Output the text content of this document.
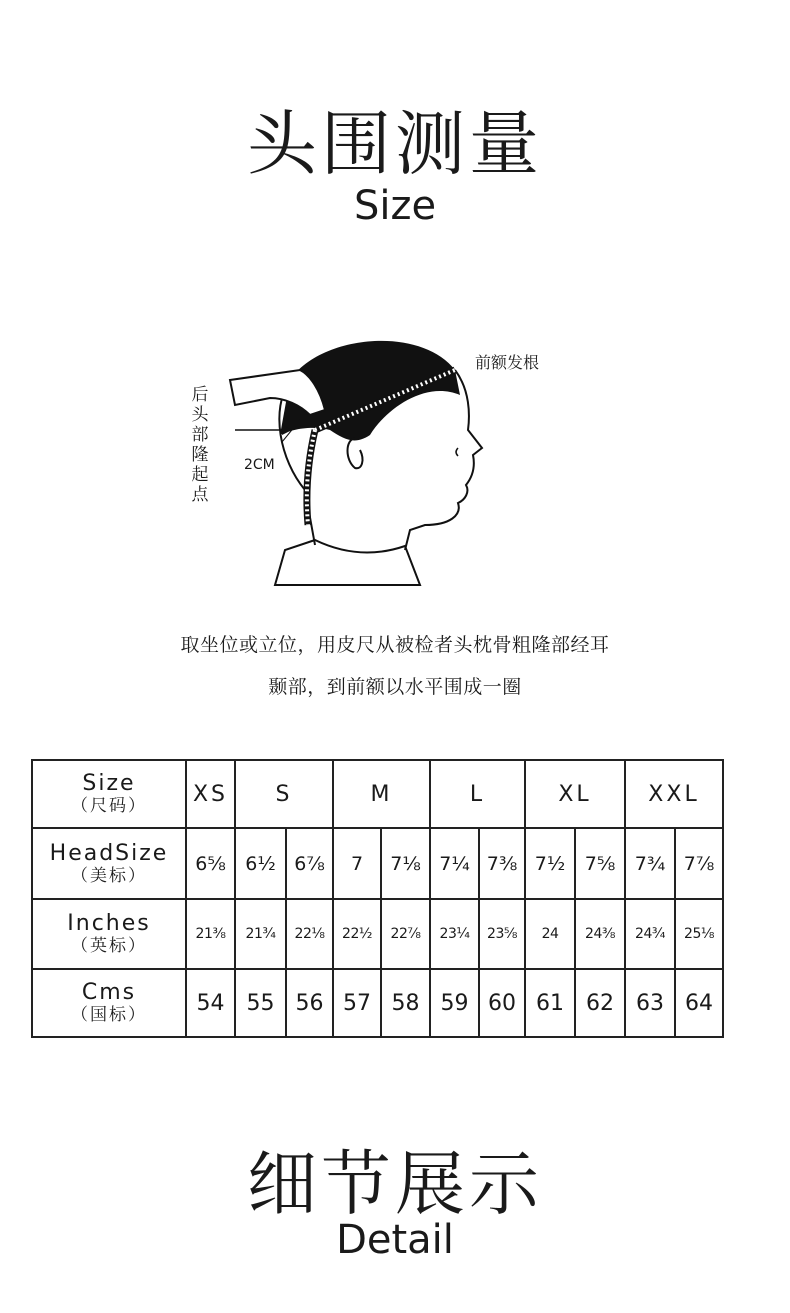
头围测量
Size
前额发根
后头部隆起点
2CM
取坐位或立位，用皮尺从被检者头枕骨粗隆部经耳
颞部，到前额以水平围成一圈
Size
（尺码）	XS	S		M		L		XL		XXL	

HeadSize
（美标）	6⅝	6½	6⅞	7	7⅛	7¼	7⅜	7½	7⅝	7¾	7⅞

Inches
（英标）	21⅜	21¾	22⅛	22½	22⅞	23¼	23⅝	24	24⅜	24¾	25⅛

Cms
（国标）	54	55	56	57	58	59	60	61	62	63	64
细节展示
Detail
